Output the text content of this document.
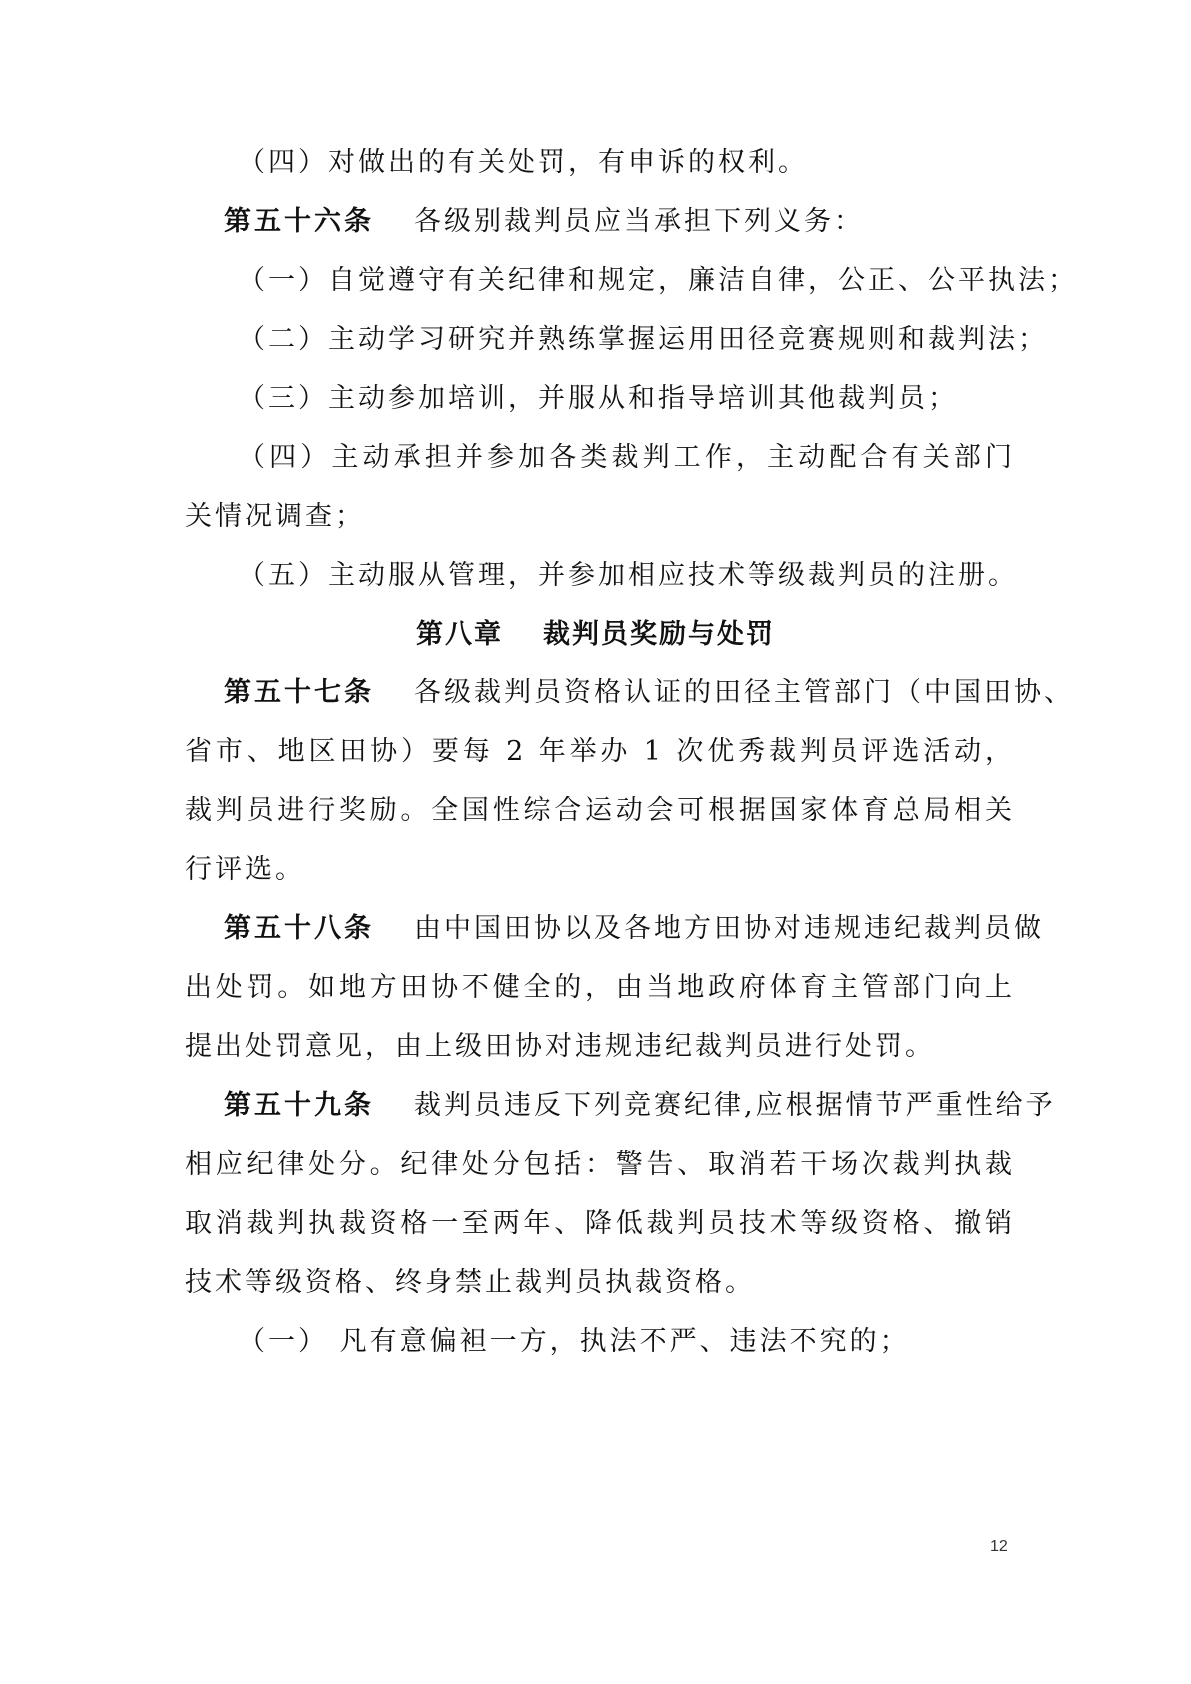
（四）对做出的有关处罚，有申诉的权利。
第五十六条 各级别裁判员应当承担下列义务：
（一）自觉遵守有关纪律和规定，廉洁自律，公正、公平执法；
（二）主动学习研究并熟练掌握运用田径竞赛规则和裁判法；
（三）主动参加培训，并服从和指导培训其他裁判员；
（四）主动承担并参加各类裁判工作，主动配合有关部门
关情况调查；
（五）主动服从管理，并参加相应技术等级裁判员的注册。
第八章 裁判员奖励与处罚
第五十七条 各级裁判员资格认证的田径主管部门（中国田协、
省市、地区田协）要每 2 年举办 1 次优秀裁判员评选活动，
裁判员进行奖励。全国性综合运动会可根据国家体育总局相关
行评选。
第五十八条 由中国田协以及各地方田协对违规违纪裁判员做
出处罚。如地方田协不健全的，由当地政府体育主管部门向上
提出处罚意见，由上级田协对违规违纪裁判员进行处罚。
第五十九条 裁判员违反下列竞赛纪律,应根据情节严重性给予
相应纪律处分。纪律处分包括：警告、取消若干场次裁判执裁
取消裁判执裁资格一至两年、降低裁判员技术等级资格、撤销
技术等级资格、终身禁止裁判员执裁资格。
（一） 凡有意偏袒一方，执法不严、违法不究的；
12
